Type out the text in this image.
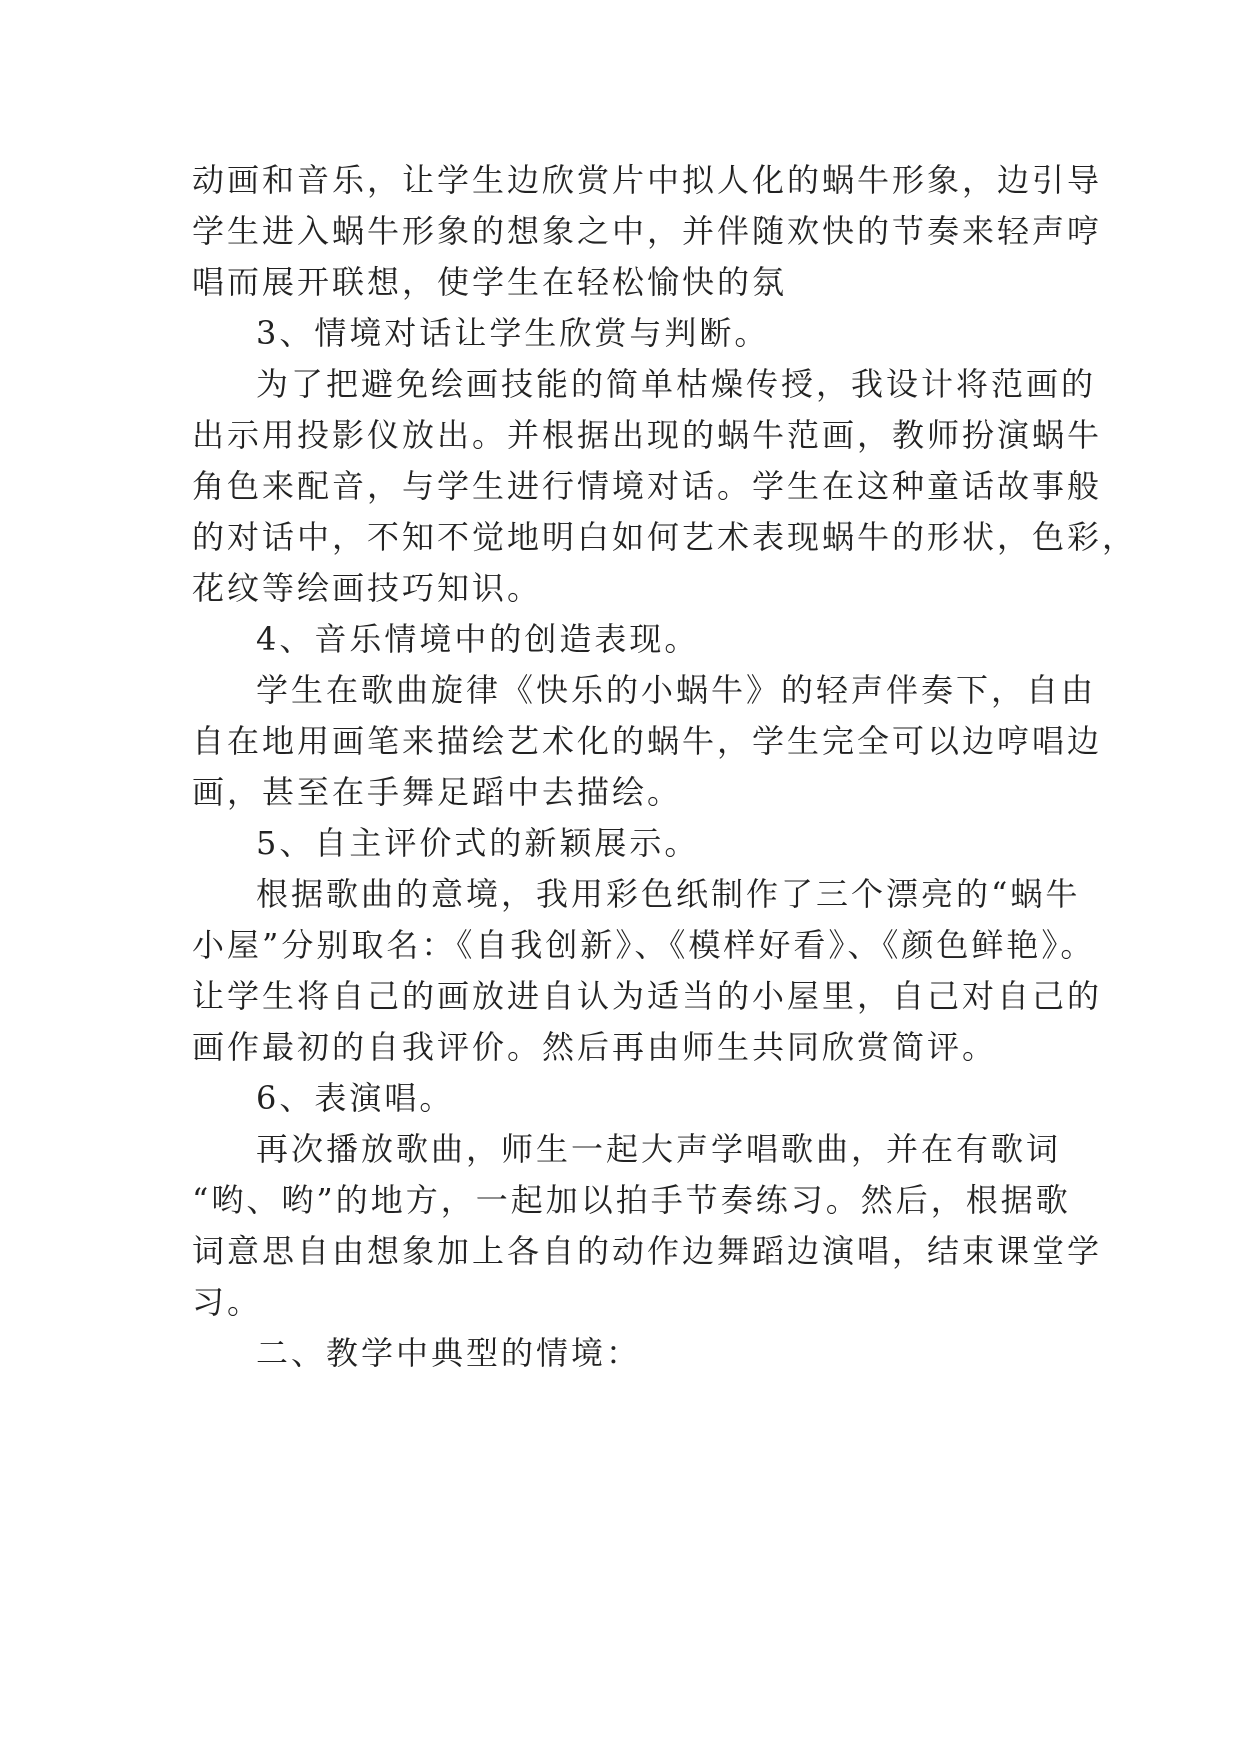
动画和音乐，让学生边欣赏片中拟人化的蜗牛形象，边引导
学生进入蜗牛形象的想象之中，并伴随欢快的节奏来轻声哼
唱而展开联想，使学生在轻松愉快的氛
3、情境对话让学生欣赏与判断。
为了把避免绘画技能的简单枯燥传授，我设计将范画的
出示用投影仪放出。并根据出现的蜗牛范画，教师扮演蜗牛
角色来配音，与学生进行情境对话。学生在这种童话故事般
的对话中，不知不觉地明白如何艺术表现蜗牛的形状，色彩，
花纹等绘画技巧知识。
4、音乐情境中的创造表现。
学生在歌曲旋律《快乐的小蜗牛》的轻声伴奏下，自由
自在地用画笔来描绘艺术化的蜗牛，学生完全可以边哼唱边
画，甚至在手舞足蹈中去描绘。
5、自主评价式的新颖展示。
根据歌曲的意境，我用彩色纸制作了三个漂亮的“蜗牛
小屋”分别取名：《自我创新》、《模样好看》、《颜色鲜艳》。
让学生将自己的画放进自认为适当的小屋里，自己对自己的
画作最初的自我评价。然后再由师生共同欣赏简评。
6、表演唱。
再次播放歌曲，师生一起大声学唱歌曲，并在有歌词
“哟、哟”的地方，一起加以拍手节奏练习。然后，根据歌
词意思自由想象加上各自的动作边舞蹈边演唱，结束课堂学
习。
二、教学中典型的情境：
